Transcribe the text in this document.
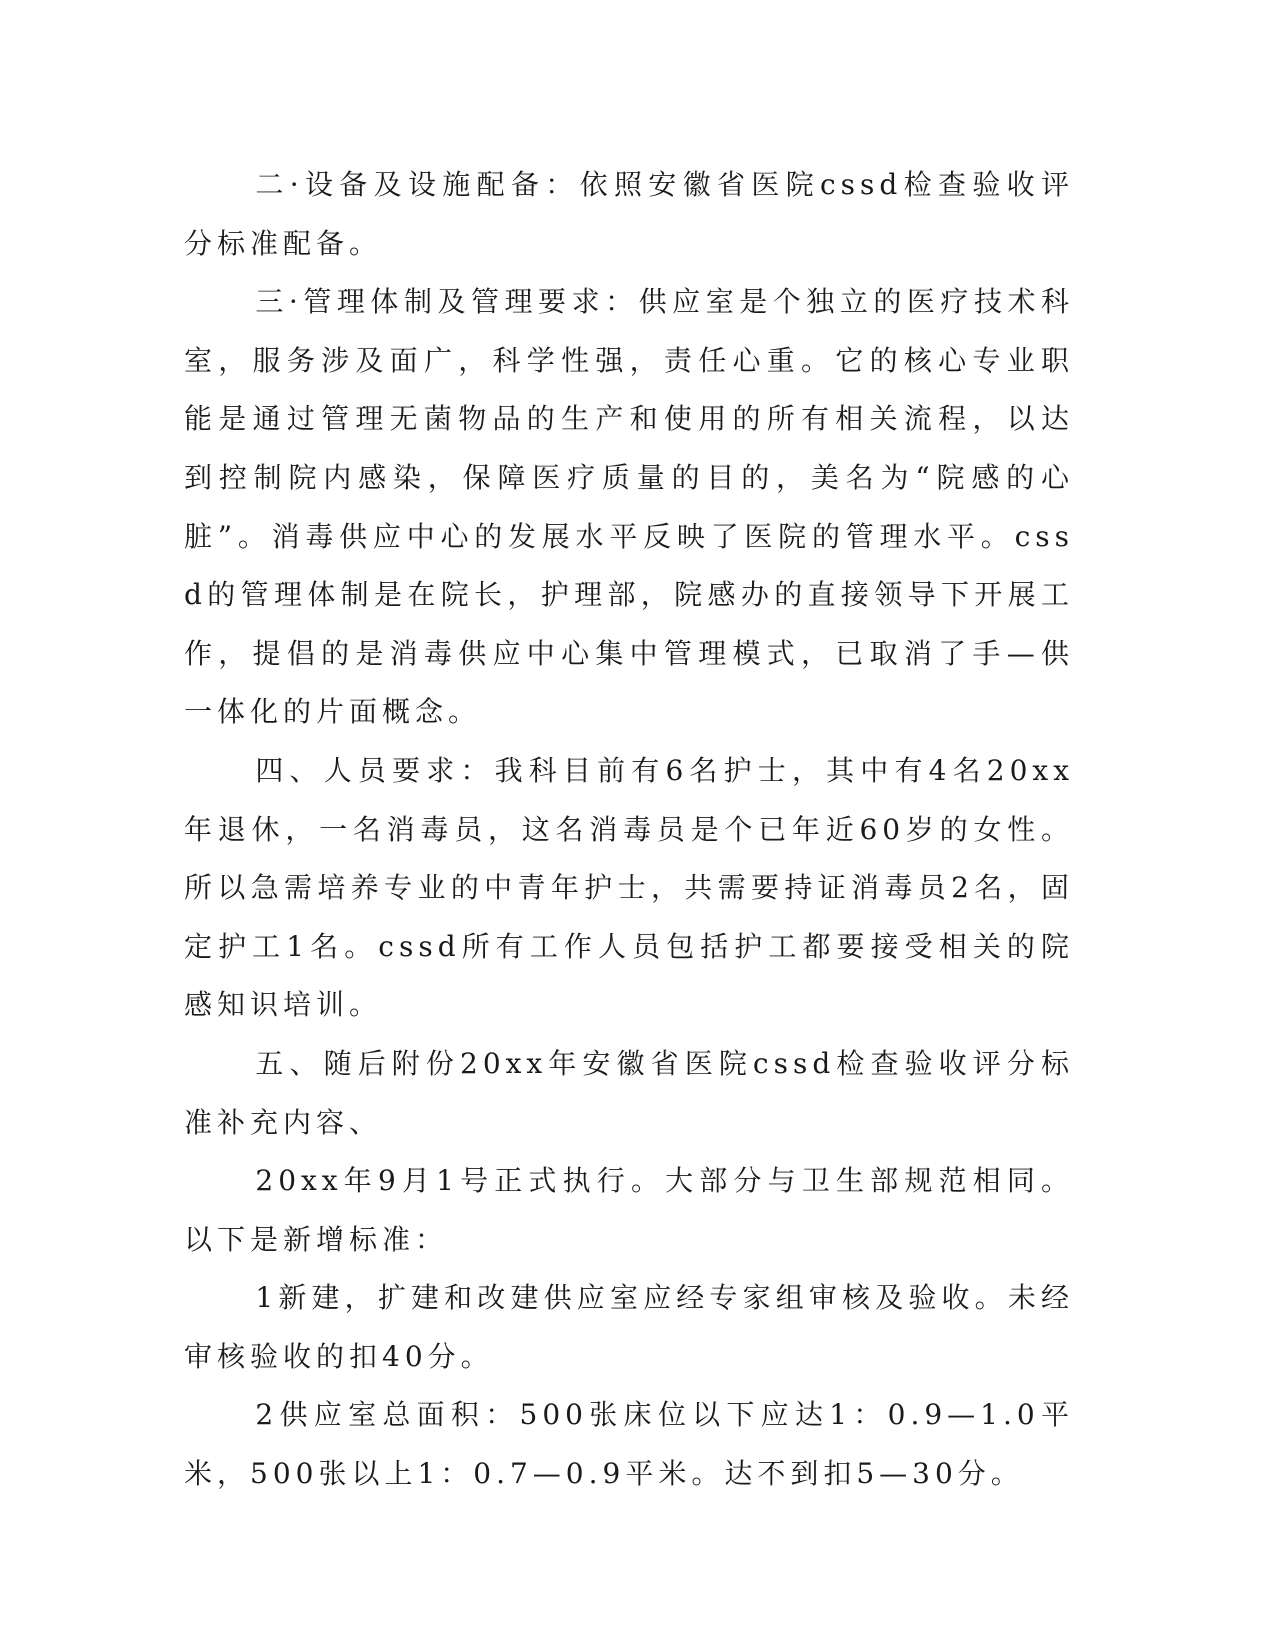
二·设备及设施配备：依照安徽省医院cssd检查验收评分标准配备。

三·管理体制及管理要求：供应室是个独立的医疗技术科室，服务涉及面广，科学性强，责任心重。它的核心专业职能是通过管理无菌物品的生产和使用的所有相关流程，以达到控制院内感染，保障医疗质量的目的，美名为“院感的心脏”。消毒供应中心的发展水平反映了医院的管理水平。cssd的管理体制是在院长，护理部，院感办的直接领导下开展工作，提倡的是消毒供应中心集中管理模式，已取消了手—供一体化的片面概念。

四、人员要求：我科目前有6名护士，其中有4名20xx年退休，一名消毒员，这名消毒员是个已年近60岁的女性。所以急需培养专业的中青年护士，共需要持证消毒员2名，固定护工1名。cssd所有工作人员包括护工都要接受相关的院感知识培训。

五、随后附份20xx年安徽省医院cssd检查验收评分标准补充内容、

20xx年9月1号正式执行。大部分与卫生部规范相同。以下是新增标准：

1新建，扩建和改建供应室应经专家组审核及验收。未经审核验收的扣40分。

2供应室总面积：500张床位以下应达1：0.9—1.0平米，500张以上1：0.7—0.9平米。达不到扣5—30分。
